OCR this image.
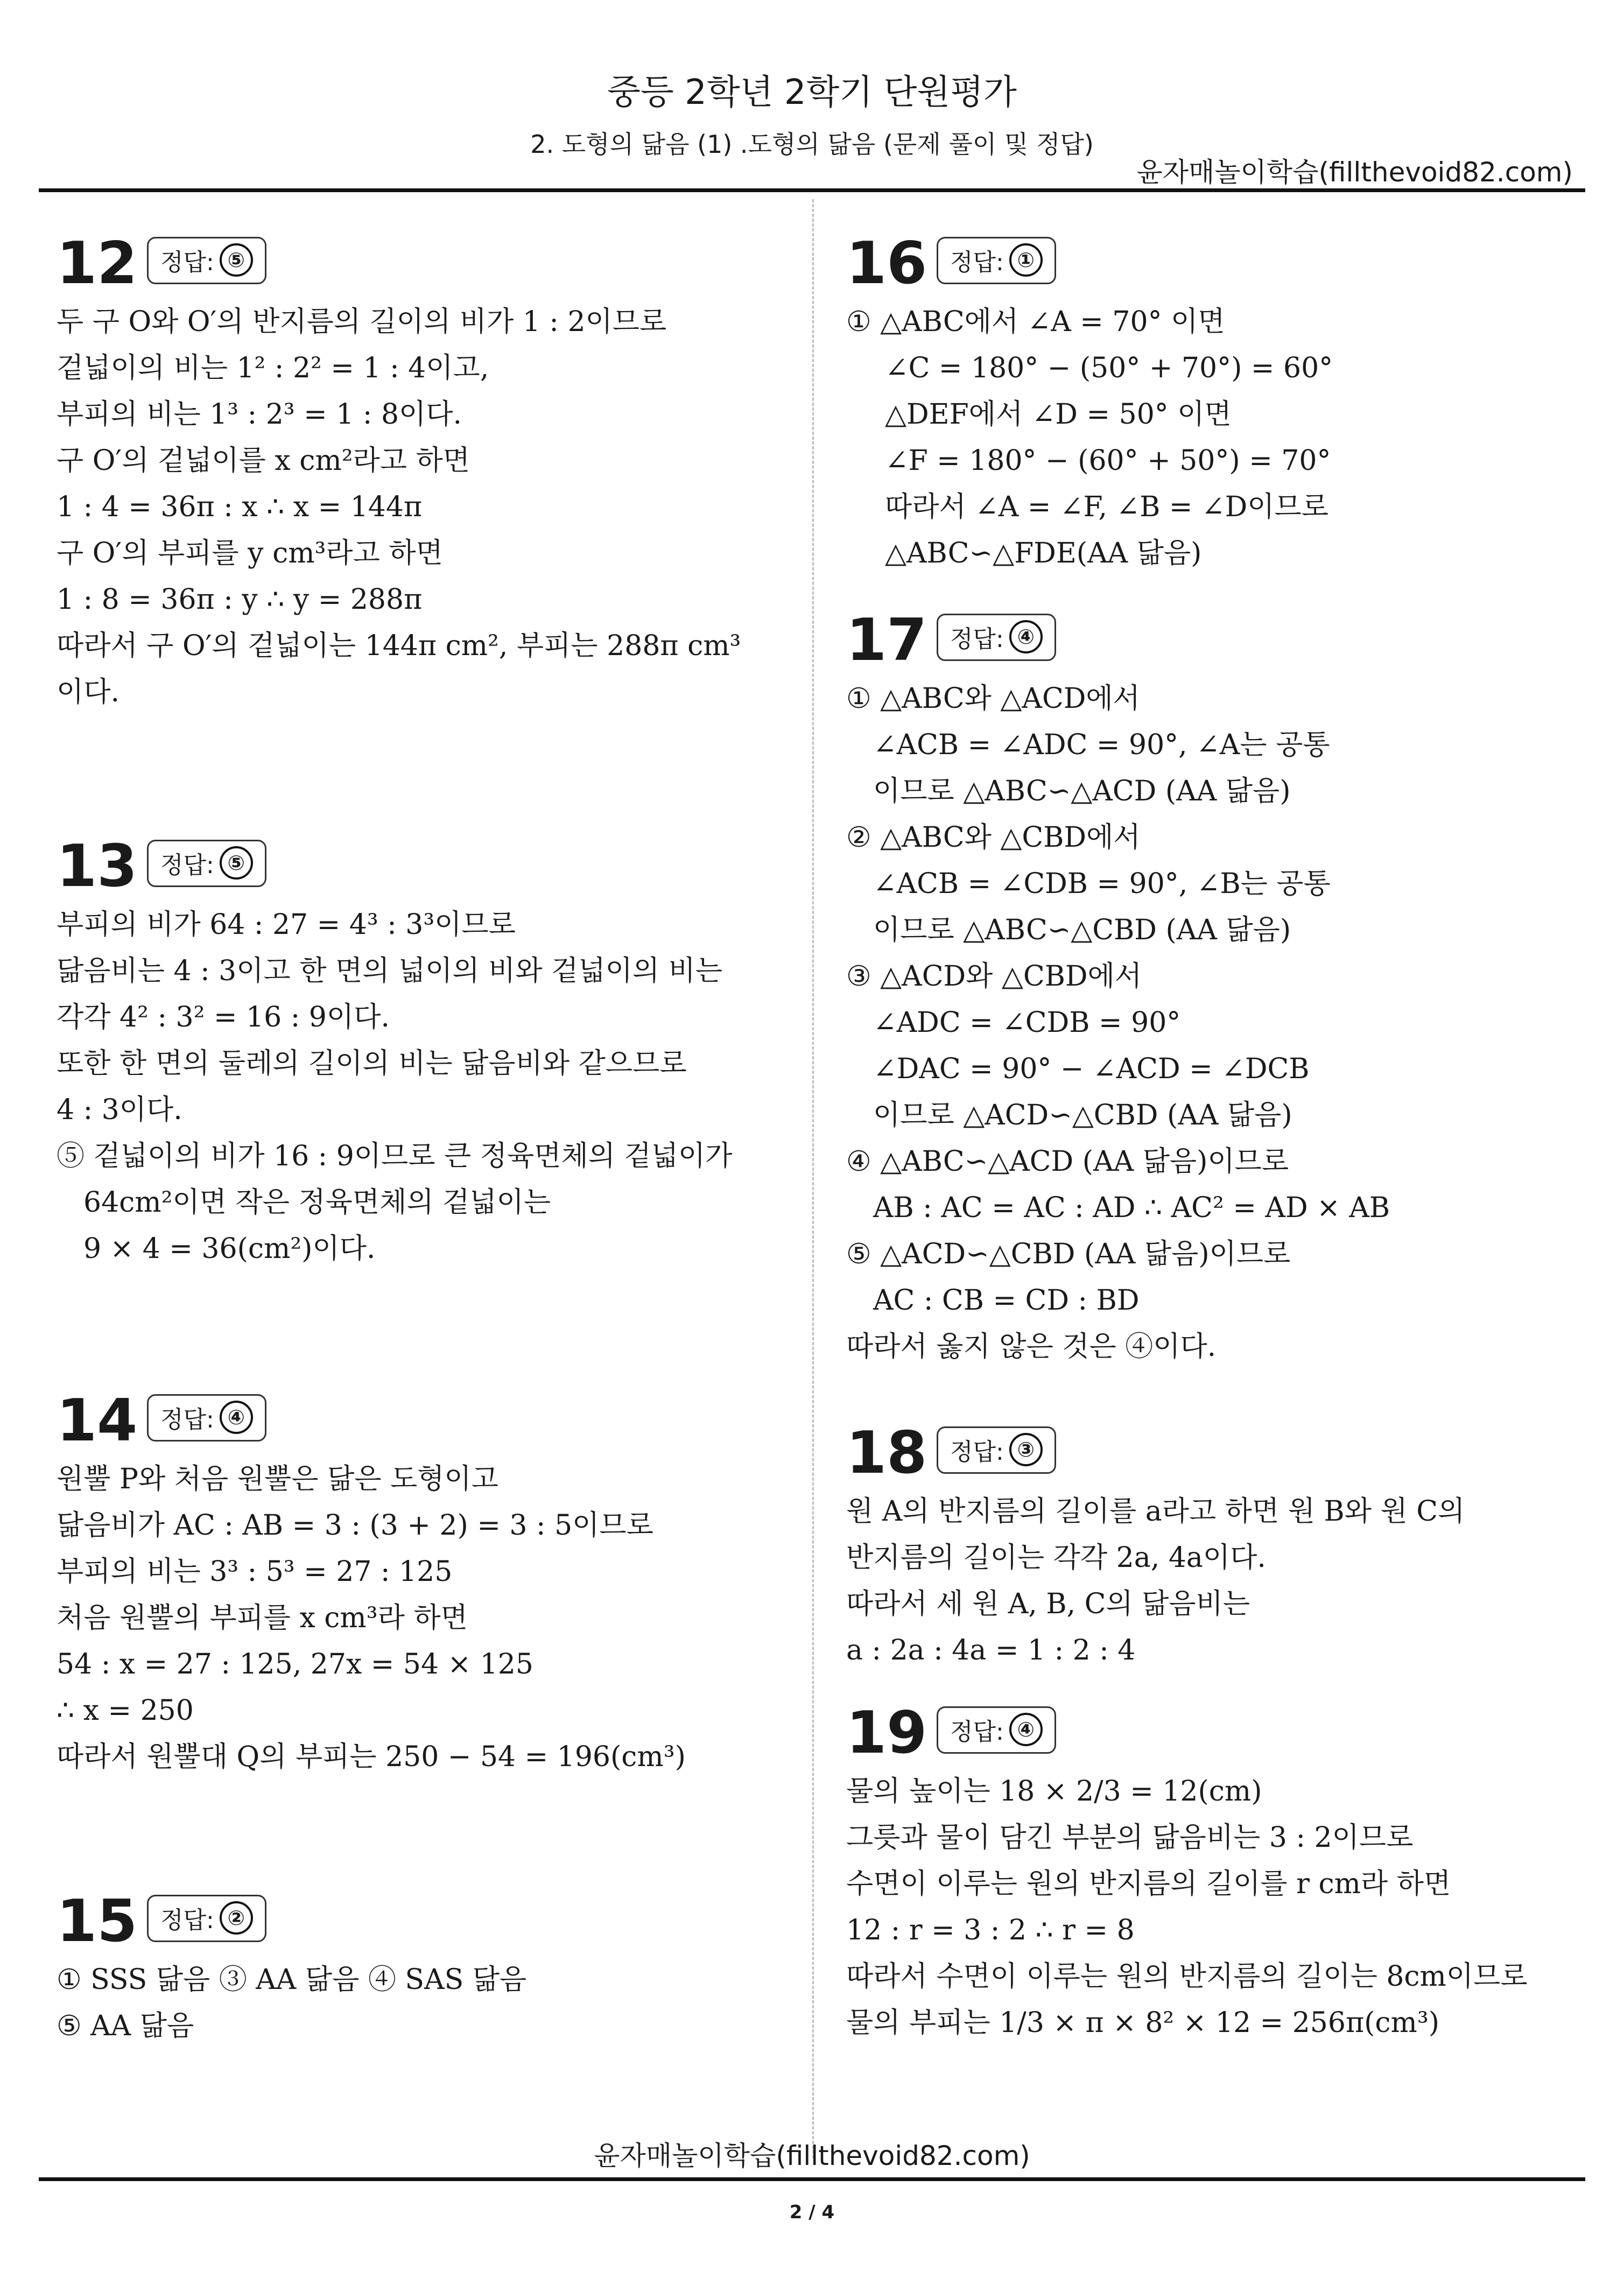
중등 2학년 2학기 단원평가
2. 도형의 닮음 (1) .도형의 닮음 (문제 풀이 및 정답)
윤자매놀이학습(fillthevoid82.com)
12 정답: ⑤
두 구 O와 O′의 반지름의 길이의 비가 1 : 2이므로
겉넓이의 비는 1² : 2² = 1 : 4이고,
부피의 비는 1³ : 2³ = 1 : 8이다.
구 O′의 겉넓이를 x cm²라고 하면
1 : 4 = 36π : x ∴ x = 144π
구 O′의 부피를 y cm³라고 하면
1 : 8 = 36π : y ∴ y = 288π
따라서 구 O′의 겉넓이는 144π cm², 부피는 288π cm³
이다.
13 정답: ⑤
부피의 비가 64 : 27 = 4³ : 3³이므로
닮음비는 4 : 3이고 한 면의 넓이의 비와 겉넓이의 비는
각각 4² : 3² = 16 : 9이다.
또한 한 면의 둘레의 길이의 비는 닮음비와 같으므로
4 : 3이다.
⑤ 겉넓이의 비가 16 : 9이므로 큰 정육면체의 겉넓이가
64cm²이면 작은 정육면체의 겉넓이는
9 × 4 = 36(cm²)이다.
14 정답: ④
원뿔 P와 처음 원뿔은 닮은 도형이고
닮음비가 AC : AB = 3 : (3 + 2) = 3 : 5이므로
부피의 비는 3³ : 5³ = 27 : 125
처음 원뿔의 부피를 x cm³라 하면
54 : x = 27 : 125, 27x = 54 × 125
∴ x = 250
따라서 원뿔대 Q의 부피는 250 − 54 = 196(cm³)
15 정답: ②
① SSS 닮음 ③ AA 닮음 ④ SAS 닮음
⑤ AA 닮음
16 정답: ①
① △ABC에서 ∠A = 70° 이면
∠C = 180° − (50° + 70°) = 60°
△DEF에서 ∠D = 50° 이면
∠F = 180° − (60° + 50°) = 70°
따라서 ∠A = ∠F, ∠B = ∠D이므로
△ABC∽△FDE(AA 닮음)
17 정답: ④
① △ABC와 △ACD에서
∠ACB = ∠ADC = 90°, ∠A는 공통
이므로 △ABC∽△ACD (AA 닮음)
② △ABC와 △CBD에서
∠ACB = ∠CDB = 90°, ∠B는 공통
이므로 △ABC∽△CBD (AA 닮음)
③ △ACD와 △CBD에서
∠ADC = ∠CDB = 90°
∠DAC = 90° − ∠ACD = ∠DCB
이므로 △ACD∽△CBD (AA 닮음)
④ △ABC∽△ACD (AA 닮음)이므로
AB : AC = AC : AD ∴ AC² = AD × AB
⑤ △ACD∽△CBD (AA 닮음)이므로
AC : CB = CD : BD
따라서 옳지 않은 것은 ④이다.
18 정답: ③
원 A의 반지름의 길이를 a라고 하면 원 B와 원 C의
반지름의 길이는 각각 2a, 4a이다.
따라서 세 원 A, B, C의 닮음비는
a : 2a : 4a = 1 : 2 : 4
19 정답: ④
물의 높이는 18 × 2/3 = 12(cm)
그릇과 물이 담긴 부분의 닮음비는 3 : 2이므로
수면이 이루는 원의 반지름의 길이를 r cm라 하면
12 : r = 3 : 2 ∴ r = 8
따라서 수면이 이루는 원의 반지름의 길이는 8cm이므로
물의 부피는 1/3 × π × 8² × 12 = 256π(cm³)
윤자매놀이학습(fillthevoid82.com)
2 / 4
